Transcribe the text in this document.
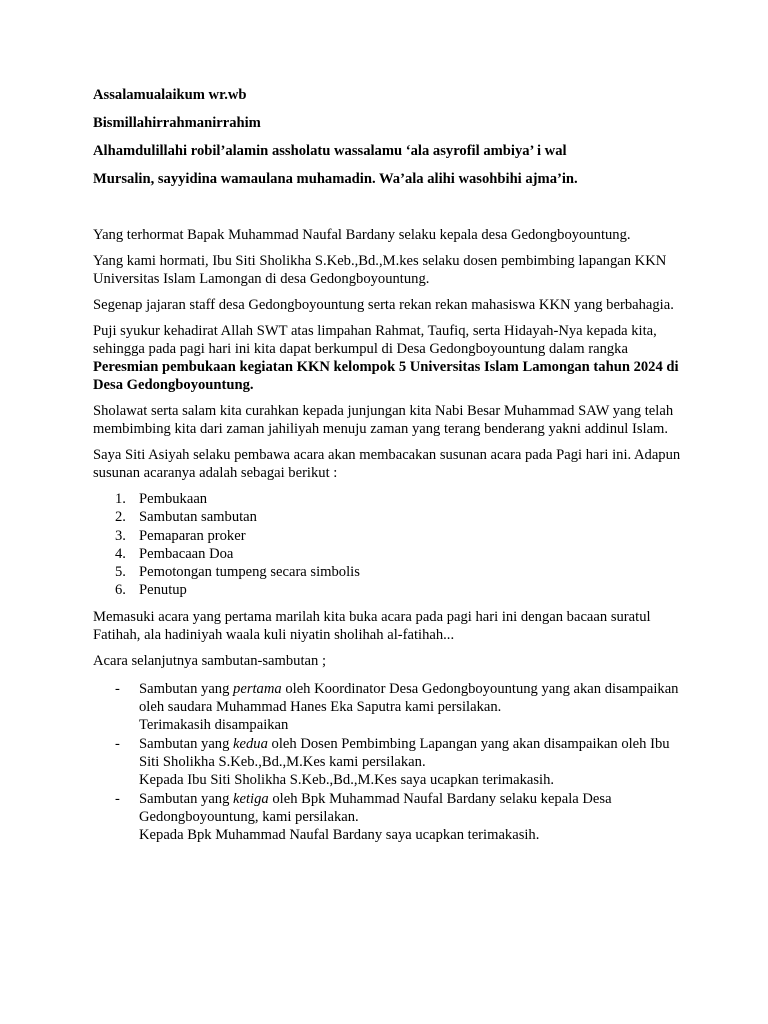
Assalamualaikum wr.wb

Bismillahirrahmanirrahim

Alhamdulillahi robil’alamin assholatu wassalamu ‘ala asyrofil ambiya’ i wal

Mursalin, sayyidina wamaulana muhamadin. Wa’ala alihi wasohbihi ajma’in.

Yang terhormat Bapak Muhammad Naufal Bardany selaku kepala desa Gedongboyountung.

Yang kami hormati, Ibu Siti Sholikha S.Keb.,Bd.,M.kes selaku dosen pembimbing lapangan KKN Universitas Islam Lamongan di desa Gedongboyountung.

Segenap jajaran staff desa Gedongboyountung serta rekan rekan mahasiswa KKN yang berbahagia.

Puji syukur kehadirat Allah SWT atas limpahan Rahmat, Taufiq, serta Hidayah-Nya kepada kita, sehingga pada pagi hari ini kita dapat berkumpul di Desa Gedongboyountung dalam rangka Peresmian pembukaan kegiatan KKN kelompok 5 Universitas Islam Lamongan tahun 2024 di Desa Gedongboyountung.

Sholawat serta salam kita curahkan kepada junjungan kita Nabi Besar Muhammad SAW yang telah membimbing kita dari zaman jahiliyah menuju zaman yang terang benderang yakni addinul Islam.

Saya Siti Asiyah selaku pembawa acara akan membacakan susunan acara pada Pagi hari ini. Adapun susunan acaranya adalah sebagai berikut :

1. Pembukaan
2. Sambutan sambutan
3. Pemaparan proker
4. Pembacaan Doa
5. Pemotongan tumpeng secara simbolis
6. Penutup

Memasuki acara yang pertama marilah kita buka acara pada pagi hari ini dengan bacaan suratul Fatihah, ala hadiniyah waala kuli niyatin sholihah al-fatihah...

Acara selanjutnya sambutan-sambutan ;

- Sambutan yang pertama oleh Koordinator Desa Gedongboyountung yang akan disampaikan oleh saudara Muhammad Hanes Eka Saputra kami persilakan.
Terimakasih disampaikan
- Sambutan yang kedua oleh Dosen Pembimbing Lapangan yang akan disampaikan oleh Ibu Siti Sholikha S.Keb.,Bd.,M.Kes kami persilakan.
Kepada Ibu Siti Sholikha S.Keb.,Bd.,M.Kes saya ucapkan terimakasih.
- Sambutan yang ketiga oleh Bpk Muhammad Naufal Bardany selaku kepala Desa Gedongboyountung, kami persilakan.
Kepada Bpk Muhammad Naufal Bardany saya ucapkan terimakasih.
